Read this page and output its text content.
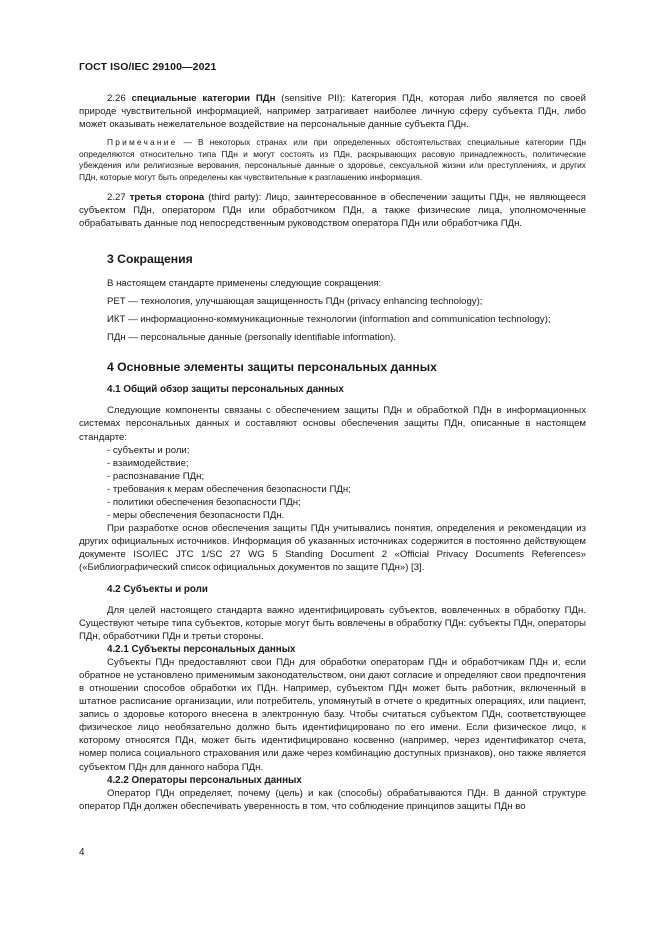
ГОСТ ISO/IEC 29100—2021

2.26 специальные категории ПДн (sensitive PII): Категория ПДн, которая либо является по своей природе чувствительной информацией, например затрагивает наиболее личную сферу субъекта ПДн, либо может оказывать нежелательное воздействие на персональные данные субъекта ПДн.

Примечание — В некоторых странах или при определенных обстоятельствах специальные категории ПДн определяются относительно типа ПДн и могут состоять из ПДн, раскрывающих расовую принадлежность, политические убеждения или религиозные верования, персональные данные о здоровье, сексуальной жизни или преступлениях, и других ПДн, которые могут быть определены как чувствительные к разглашению информация.

2.27 третья сторона (third party): Лицо, заинтересованное в обеспечении защиты ПДн, не являющееся субъектом ПДн, оператором ПДн или обработчиком ПДн, а также физические лица, уполномоченные обрабатывать данные под непосредственным руководством оператора ПДн или обработчика ПДн.

3 Сокращения

В настоящем стандарте применены следующие сокращения:

PET — технология, улучшающая защищенность ПДн (privacy enhancing technology);

ИКТ — информационно-коммуникационные технологии (information and communication technology);

ПДн — персональные данные (personally identifiable information).

4 Основные элементы защиты персональных данных
4.1 Общий обзор защиты персональных данных

Следующие компоненты связаны с обеспечением защиты ПДн и обработкой ПДн в информационных системах персональных данных и составляют основы обеспечения защиты ПДн, описанные в настоящем стандарте:

- субъекты и роли;
- взаимодействие;
- распознавание ПДн;
- требования к мерам обеспечения безопасности ПДн;
- политики обеспечения безопасности ПДн;
- меры обеспечения безопасности ПДн.

При разработке основ обеспечения защиты ПДн учитывались понятия, определения и рекомендации из других официальных источников. Информация об указанных источниках содержится в постоянно действующем документе ISO/IEC JTC 1/SC 27 WG 5 Standing Document 2 «Official Privacy Documents References» («Библиографический список официальных документов по защите ПДн») [3].

4.2 Субъекты и роли

Для целей настоящего стандарта важно идентифицировать субъектов, вовлеченных в обработку ПДн. Существуют четыре типа субъектов, которые могут быть вовлечены в обработку ПДн: субъекты ПДн, операторы ПДн, обработчики ПДн и третьи стороны.

4.2.1 Субъекты персональных данных

Субъекты ПДн предоставляют свои ПДн для обработки операторам ПДн и обработчикам ПДн и, если обратное не установлено применимым законодательством, они дают согласие и определяют свои предпочтения в отношении способов обработки их ПДн. Например, субъектом ПДн может быть работник, включенный в штатное расписание организации, или потребитель, упомянутый в отчете о кредитных операциях, или пациент, запись о здоровье которого внесена в электронную базу. Чтобы считаться субъектом ПДн, соответствующее физическое лицо необязательно должно быть идентифицировано по его имени. Если физическое лицо, к которому относятся ПДн, может быть идентифицировано косвенно (например, через идентификатор счета, номер полиса социального страхования или даже через комбинацию доступных признаков), оно также является субъектом ПДн для данного набора ПДн.

4.2.2 Операторы персональных данных

Оператор ПДн определяет, почему (цель) и как (способы) обрабатываются ПДн. В данной структуре оператор ПДн должен обеспечивать уверенность в том, что соблюдение принципов защиты ПДн во

4
